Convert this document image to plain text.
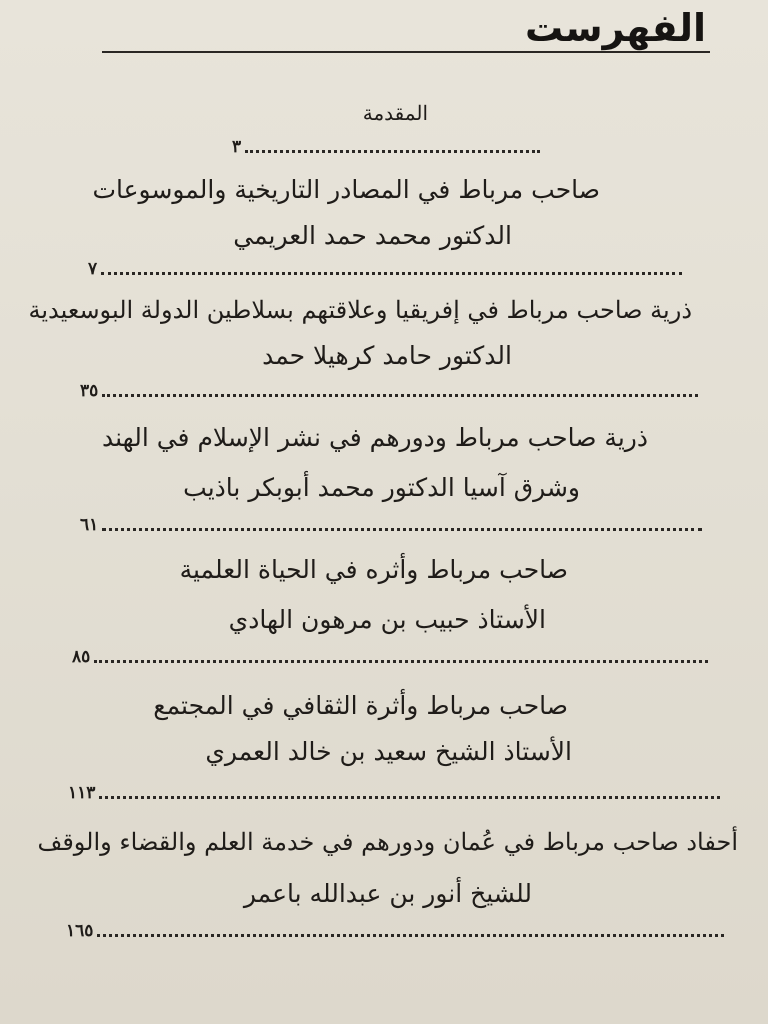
الفهرست
المقدمة
٣
صاحب مرباط في المصادر التاريخية والموسوعات
الدكتور محمد حمد العريمي
٧
ذرية صاحب مرباط في إفريقيا وعلاقتهم بسلاطين الدولة البوسعيدية
الدكتور حامد كرهيلا حمد
٣٥
ذرية صاحب مرباط ودورهم في نشر الإسلام في الهند
وشرق آسيا الدكتور محمد أبوبكر باذيب
٦١
صاحب مرباط وأثره في الحياة العلمية
الأستاذ حبيب بن مرهون الهادي
٨٥
صاحب مرباط وأثرة الثقافي في المجتمع
الأستاذ الشيخ سعيد بن خالد العمري
١١٣
أحفاد صاحب مرباط في عُمان ودورهم في خدمة العلم والقضاء والوقف
للشيخ أنور بن عبدالله باعمر
١٦٥
